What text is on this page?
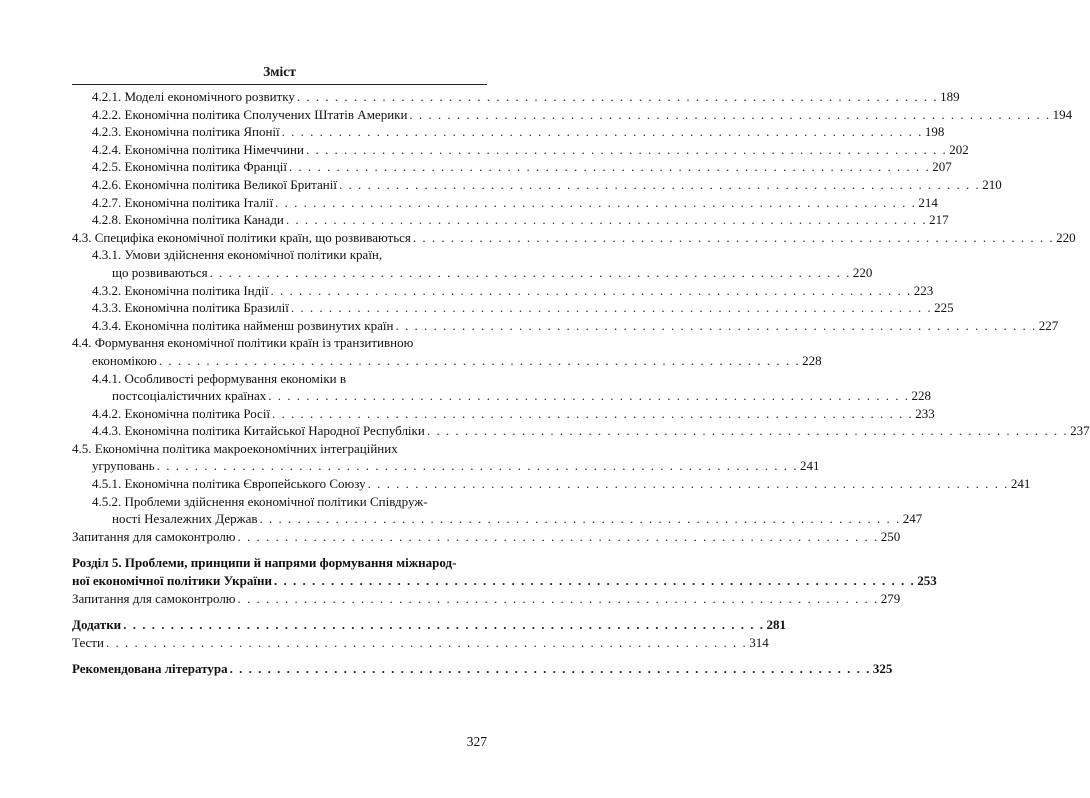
Зміст
4.2.1. Моделі економічного розвитку . . . . . . . . . . . . . . . . . . . . . . . . . . . . . . . . . . . . . . . . . . . . . . . . . . . . . . . . . . . . . . . . . . . . 189
4.2.2. Економічна політика Сполучених Штатів Америки . . . . . . . . . . . . . . . . . . . . . . . . . . . . . . . . . . . . . . . . . . . . . . . . . . . . . . . . . . . . . . . . . . . . 194
4.2.3. Економічна політика Японії . . . . . . . . . . . . . . . . . . . . . . . . . . . . . . . . . . . . . . . . . . . . . . . . . . . . . . . . . . . . . . . . . . . . 198
4.2.4. Економічна політика Німеччини . . . . . . . . . . . . . . . . . . . . . . . . . . . . . . . . . . . . . . . . . . . . . . . . . . . . . . . . . . . . . . . . . . . . 202
4.2.5. Економічна політика Франції . . . . . . . . . . . . . . . . . . . . . . . . . . . . . . . . . . . . . . . . . . . . . . . . . . . . . . . . . . . . . . . . . . . . 207
4.2.6. Економічна політика Великої Британії . . . . . . . . . . . . . . . . . . . . . . . . . . . . . . . . . . . . . . . . . . . . . . . . . . . . . . . . . . . . . . . . . . . . 210
4.2.7. Економічна політика Італії . . . . . . . . . . . . . . . . . . . . . . . . . . . . . . . . . . . . . . . . . . . . . . . . . . . . . . . . . . . . . . . . . . . . 214
4.2.8. Економічна політика Канади . . . . . . . . . . . . . . . . . . . . . . . . . . . . . . . . . . . . . . . . . . . . . . . . . . . . . . . . . . . . . . . . . . . . 217
4.3. Специфіка економічної політики країн, що розвиваються . . . . . . . . . . . . . . . . . . . . . . . . . . . . . . . . . . . . . . . . . . . . . . . . . . . . . . . . . . . . . . . . . . . . 220
4.3.1. Умови здійснення економічної політики країн,
що розвиваються . . . . . . . . . . . . . . . . . . . . . . . . . . . . . . . . . . . . . . . . . . . . . . . . . . . . . . . . . . . . . . . . . . . . 220
4.3.2. Економічна політика Індії . . . . . . . . . . . . . . . . . . . . . . . . . . . . . . . . . . . . . . . . . . . . . . . . . . . . . . . . . . . . . . . . . . . . 223
4.3.3. Економічна політика Бразилії . . . . . . . . . . . . . . . . . . . . . . . . . . . . . . . . . . . . . . . . . . . . . . . . . . . . . . . . . . . . . . . . . . . . 225
4.3.4. Економічна політика найменш розвинутих країн . . . . . . . . . . . . . . . . . . . . . . . . . . . . . . . . . . . . . . . . . . . . . . . . . . . . . . . . . . . . . . . . . . . . 227
4.4. Формування економічної політики країн із транзитивною
економікою . . . . . . . . . . . . . . . . . . . . . . . . . . . . . . . . . . . . . . . . . . . . . . . . . . . . . . . . . . . . . . . . . . . . 228
4.4.1. Особливості реформування економіки в
постсоціалістичних країнах . . . . . . . . . . . . . . . . . . . . . . . . . . . . . . . . . . . . . . . . . . . . . . . . . . . . . . . . . . . . . . . . . . . . 228
4.4.2. Економічна політика Росії . . . . . . . . . . . . . . . . . . . . . . . . . . . . . . . . . . . . . . . . . . . . . . . . . . . . . . . . . . . . . . . . . . . . 233
4.4.3. Економічна політика Китайської Народної Республіки . . . . . . . . . . . . . . . . . . . . . . . . . . . . . . . . . . . . . . . . . . . . . . . . . . . . . . . . . . . . . . . . . . . . 237
4.5. Економічна політика макроекономічних інтеграційних
угруповань . . . . . . . . . . . . . . . . . . . . . . . . . . . . . . . . . . . . . . . . . . . . . . . . . . . . . . . . . . . . . . . . . . . . 241
4.5.1. Економічна політика Європейського Союзу . . . . . . . . . . . . . . . . . . . . . . . . . . . . . . . . . . . . . . . . . . . . . . . . . . . . . . . . . . . . . . . . . . . . 241
4.5.2. Проблеми здійснення економічної політики Співдруж-
ності Незалежних Держав . . . . . . . . . . . . . . . . . . . . . . . . . . . . . . . . . . . . . . . . . . . . . . . . . . . . . . . . . . . . . . . . . . . . 247
Запитання для самоконтролю . . . . . . . . . . . . . . . . . . . . . . . . . . . . . . . . . . . . . . . . . . . . . . . . . . . . . . . . . . . . . . . . . . . . 250
Розділ 5. Проблеми, принципи й напрями формування міжнарод-
ної економічної політики України . . . . . . . . . . . . . . . . . . . . . . . . . . . . . . . . . . . . . . . . . . . . . . . . . . . . . . . . . . . . . . . . . . . . 253
Запитання для самоконтролю . . . . . . . . . . . . . . . . . . . . . . . . . . . . . . . . . . . . . . . . . . . . . . . . . . . . . . . . . . . . . . . . . . . . 279
Додатки . . . . . . . . . . . . . . . . . . . . . . . . . . . . . . . . . . . . . . . . . . . . . . . . . . . . . . . . . . . . . . . . . . . . 281
Тести . . . . . . . . . . . . . . . . . . . . . . . . . . . . . . . . . . . . . . . . . . . . . . . . . . . . . . . . . . . . . . . . . . . . 314
Рекомендована література . . . . . . . . . . . . . . . . . . . . . . . . . . . . . . . . . . . . . . . . . . . . . . . . . . . . . . . . . . . . . . . . . . . . 325
327
